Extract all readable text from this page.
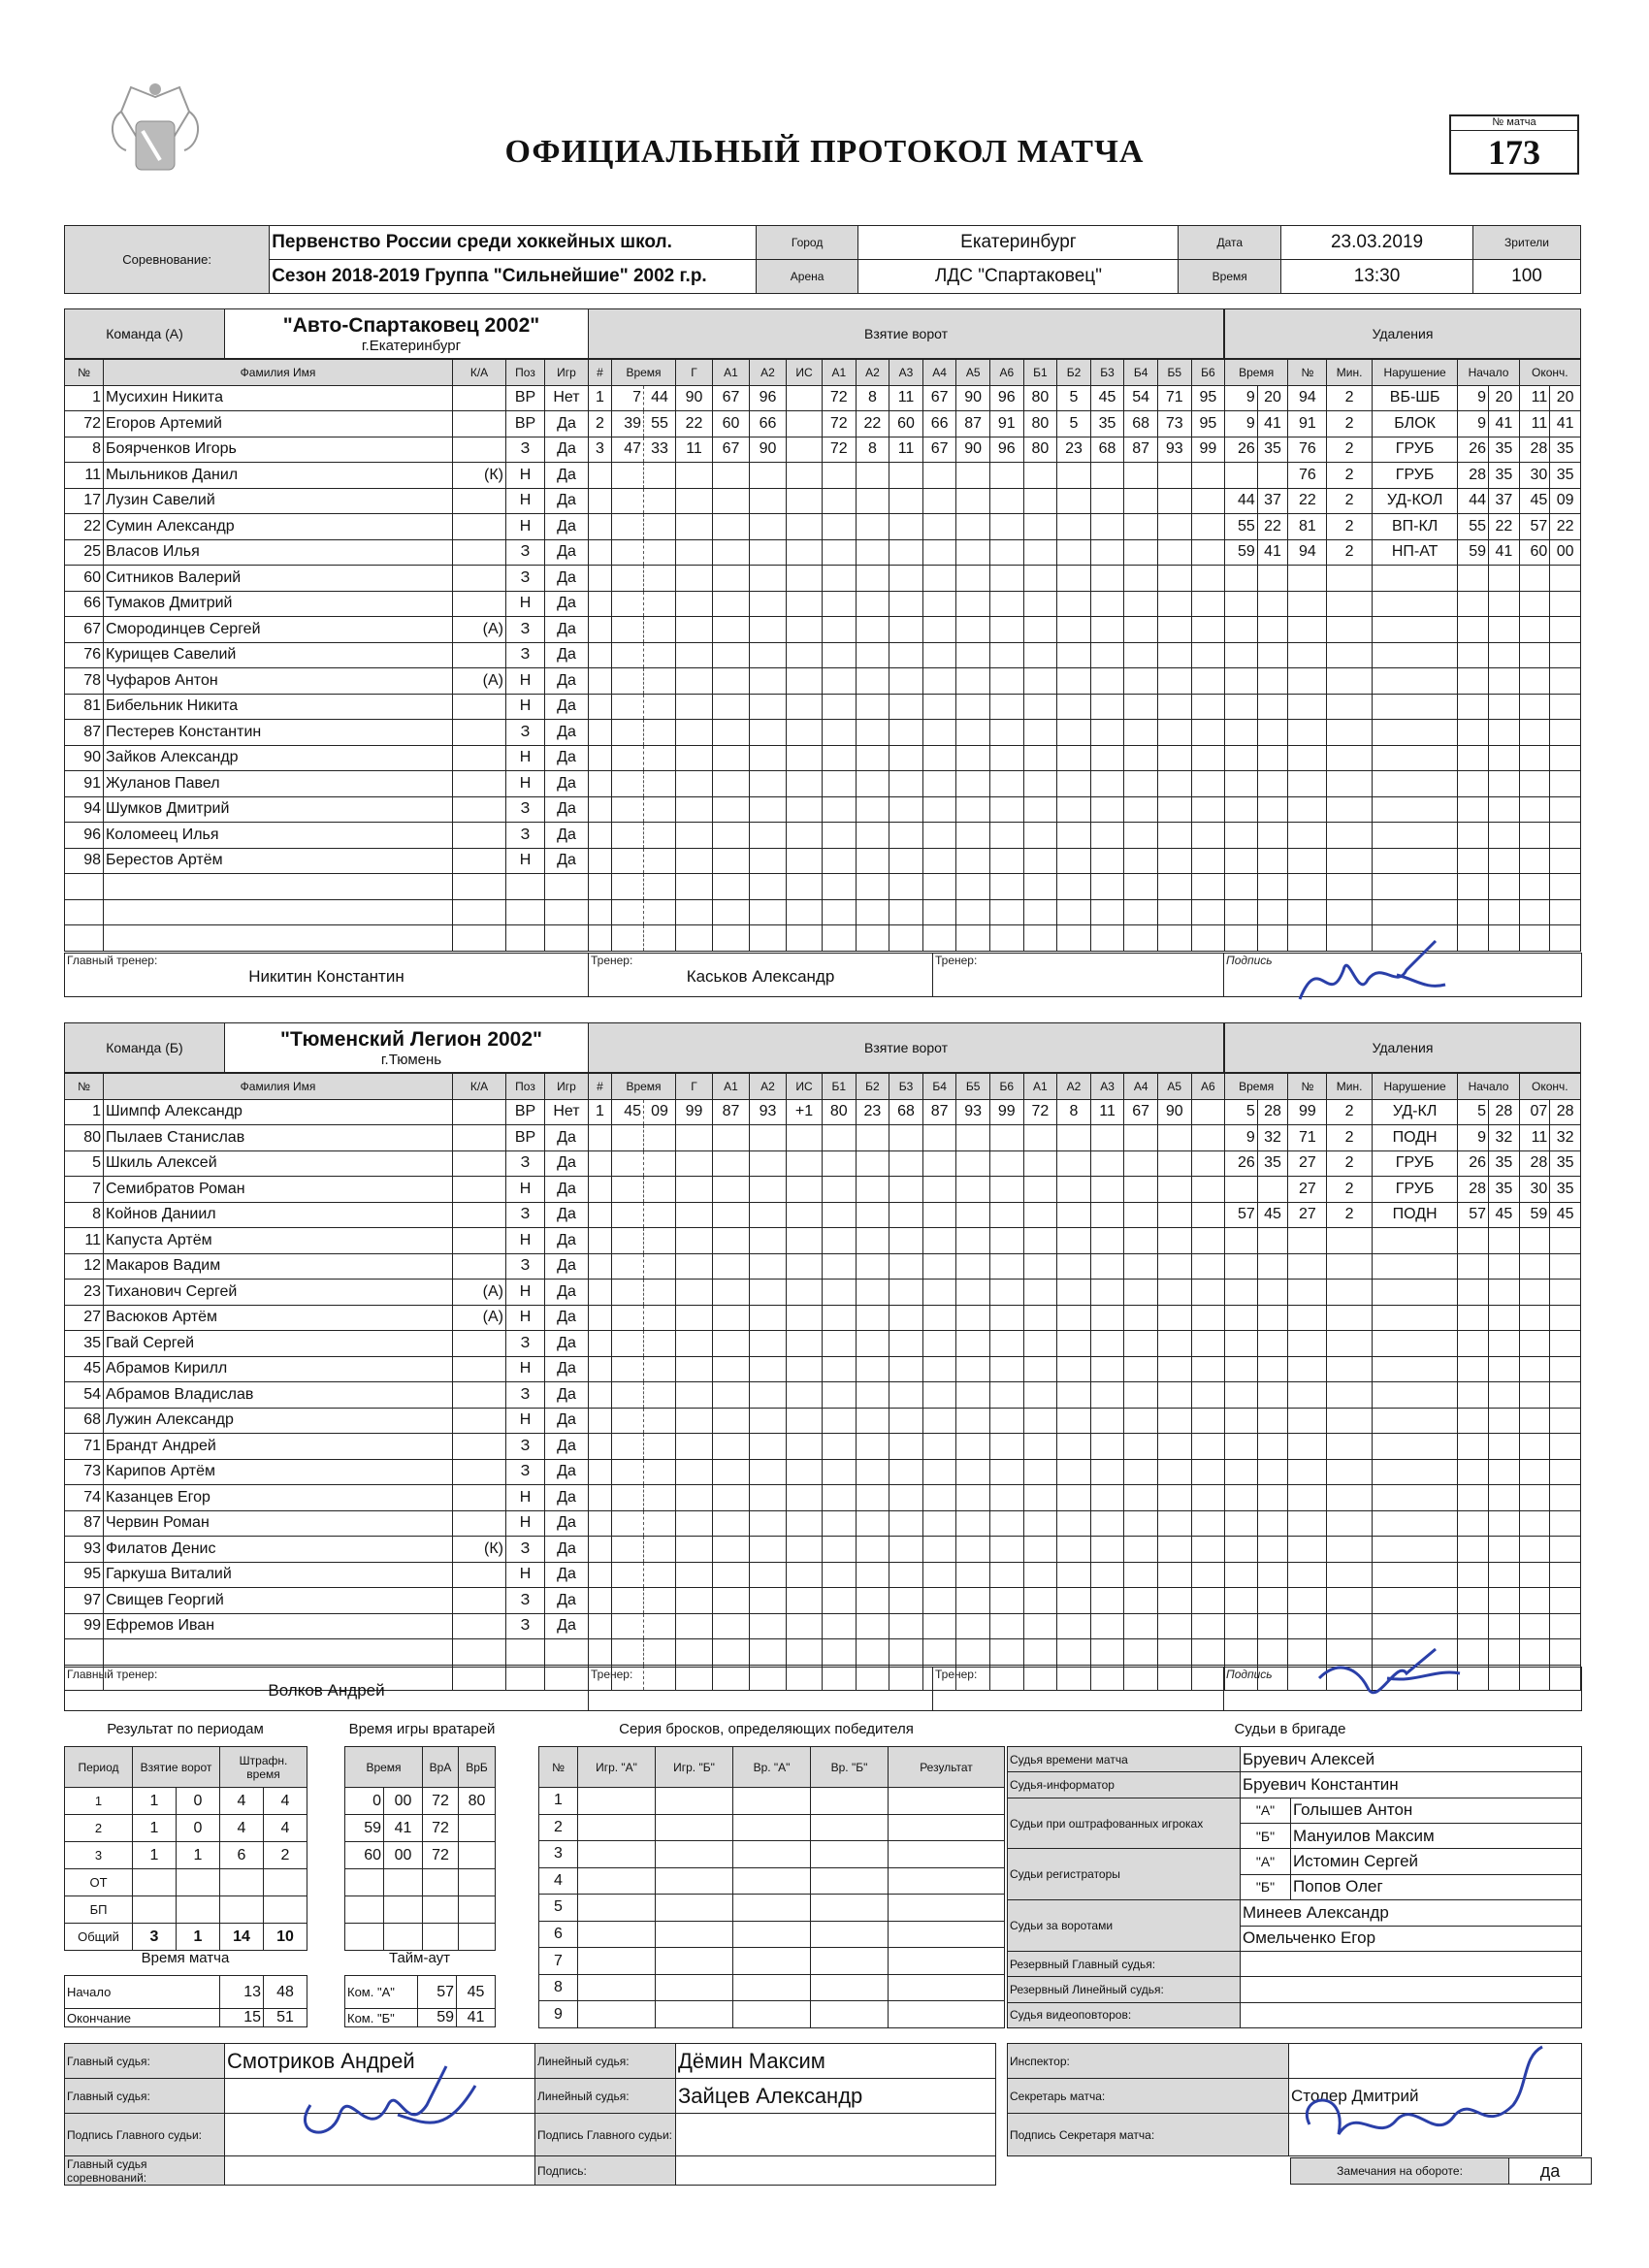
ОФИЦИАЛЬНЫЙ ПРОТОКОЛ МАТЧА
№ матча
173
Соревнование:	Первенство России среди хоккейных школ.	Город	Екатеринбург	Дата	23.03.2019	Зрители
	Сезон 2018-2019 Группа "Сильнейшие" 2002 г.р.	Арена	ЛДС "Спартаковец"	Время	13:30	100
Команда (А)	"Авто-Спартаковец 2002"
г.Екатеринбург
Взятие ворот	Удаления
№	Фамилия Имя	К/А	Поз	Игр
1	Мусихин Никита		ВР	Нет
72	Егоров Артемий		ВР	Да
8	Боярченков Игорь		З	Да
11	Мыльников Данил	(К)	Н	Да
17	Лузин Савелий		Н	Да
22	Сумин Александр		Н	Да
25	Власов Илья		З	Да
60	Ситников Валерий		З	Да
66	Тумаков Дмитрий		Н	Да
67	Смородинцев Сергей	(А)	З	Да
76	Курищев Савелий		З	Да
78	Чуфаров Антон	(А)	Н	Да
81	Бибельник Никита		Н	Да
87	Пестерев Константин		З	Да
90	Зайков Александр		Н	Да
91	Жуланов Павел		Н	Да
94	Шумков Дмитрий		З	Да
96	Коломеец Илья		З	Да
98	Берестов Артём		Н	Да

#	Время		Г	А1	А2	ИС	А1	А2	А3	А4	А5	А6	Б1	Б2	Б3	Б4	Б5	Б6
1	7	44	90	67	96		72	8	11	67	90	96	80	5	45	54	71	95
2	39	55	22	60	66		72	22	60	66	87	91	80	5	35	68	73	95
3	47	33	11	67	90		72	8	11	67	90	96	80	23	68	87	93	99

Время		№	Мин.	Нарушение	Начало		Оконч.	
9	20	94	2	ВБ-ШБ	9	20	11	20
9	41	91	2	БЛОК	9	41	11	41
26	35	76	2	ГРУБ	26	35	28	35
		76	2	ГРУБ	28	35	30	35
44	37	22	2	УД-КОЛ	44	37	45	09
55	22	81	2	ВП-КЛ	55	22	57	22
59	41	94	2	НП-АТ	59	41	60	00

Главный тренер:
Никитин Константин

Тренер:
Каськов Александр

Тренер:	Подпись
Команда (Б)	"Тюменский Легион 2002"
г.Тюмень
Взятие ворот	Удаления
№	Фамилия Имя	К/А	Поз	Игр
1	Шимпф Александр		ВР	Нет
80	Пылаев Станислав		ВР	Да
5	Шкиль Алексей		З	Да
7	Семибратов Роман		Н	Да
8	Койнов Даниил		З	Да
11	Капуста Артём		Н	Да
12	Макаров Вадим		З	Да
23	Тиханович Сергей	(А)	Н	Да
27	Васюков Артём	(А)	Н	Да
35	Гвай Сергей		З	Да
45	Абрамов Кирилл		Н	Да
54	Абрамов Владислав		З	Да
68	Лужин Александр		Н	Да
71	Брандт Андрей		З	Да
73	Карипов Артём		З	Да
74	Казанцев Егор		Н	Да
87	Червин Роман		Н	Да
93	Филатов Денис	(К)	З	Да
95	Гаркуша Виталий		Н	Да
97	Свищев Георгий		З	Да
99	Ефремов Иван		З	Да

#	Время		Г	А1	А2	ИС	Б1	Б2	Б3	Б4	Б5	Б6	А1	А2	А3	А4	А5	А6
1	45	09	99	87	93	+1	80	23	68	87	93	99	72	8	11	67	90	

Время		№	Мин.	Нарушение	Начало		Оконч.	
5	28	99	2	УД-КЛ	5	28	07	28
9	32	71	2	ПОДН	9	32	11	32
26	35	27	2	ГРУБ	26	35	28	35
		27	2	ГРУБ	28	35	30	35
57	45	27	2	ПОДН	57	45	59	45

Главный тренер:
Волков Андрей

Тренер:	Тренер:	Подпись
Результат по периодам	Время игры вратарей	Серия бросков, определяющих победителя	Судьи в бригаде
Период	Взятие ворот		Штрафн. время	
1	1	0	4	4
2	1	0	4	4
3	1	1	6	2
ОТ				
БП				
Общий	3	1	14	10
Время		ВрА	ВрБ
0	00	72	80
59	41	72	
60	00	72	

Время матча
Начало	13	48
Окончание	15	51
Тайм-аут
Ком. "А"	57	45
Ком. "Б"	59	41
№	Игр. "А"	Игр. "Б"	Вр. "А"	Вр. "Б"	Результат
1					
2					
3					
4					
5					
6					
7					
8					
9					
Судья времени матча	Бруевич Алексей	
Судья-информатор	Бруевич Константин	
Судьи при оштрафованных игроках	"А"	Голышев Антон
	"Б"	Мануилов Максим
Судьи регистраторы	"А"	Истомин Сергей
	"Б"	Попов Олег
Судьи за воротами	Минеев Александр	
	Омельченко Егор	
Резервный Главный судья:		
Резервный Линейный судья:		
Судья видеоповторов:		
Главный судья:	Смотриков Андрей	Линейный судья:	Дёмин Максим
Главный судья:		Линейный судья:	Зайцев Александр
Подпись Главного судьи:		Подпись Главного судьи:	
Главный судья соревнований:		Подпись:	
Инспектор:	
Секретарь матча:	Столер Дмитрий
Подпись Секретаря матча:	
Замечания на обороте:	да
